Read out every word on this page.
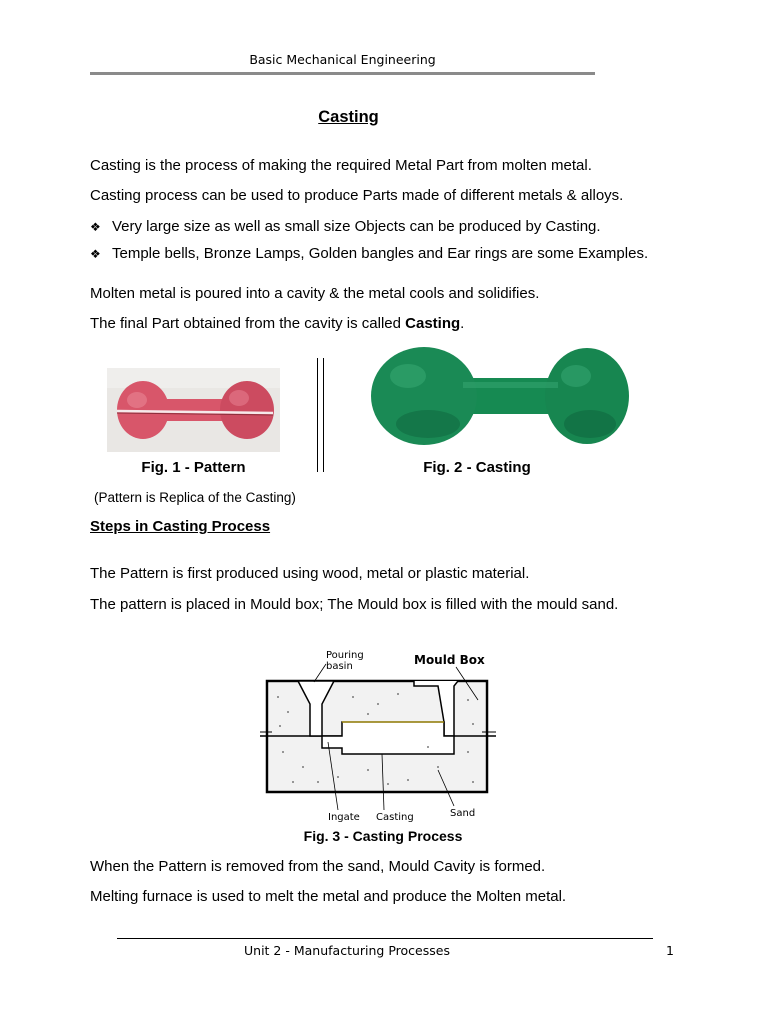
Basic Mechanical Engineering
Casting
Casting is the process of making the required Metal Part from molten metal.
Casting process can be used to produce Parts made of different metals & alloys.
❖ Very large size as well as small size Objects can be produced by Casting.
❖ Temple bells, Bronze Lamps, Golden bangles and Ear rings are some Examples.
Molten metal is poured into a cavity & the metal cools and solidifies.
The final Part obtained from the cavity is called Casting.
Fig. 1 - Pattern	Fig. 2 - Casting
(Pattern is Replica of the Casting)
Steps in Casting Process
The Pattern is first produced using wood, metal or plastic material.
The pattern is placed in Mould box; The Mould box is filled with the mould sand.
Pouring
basin	Mould Box
Ingate Casting	Sand
Fig. 3 - Casting Process
When the Pattern is removed from the sand, Mould Cavity is formed.
Melting furnace is used to melt the metal and produce the Molten metal.
Unit 2 - Manufacturing Processes	1
